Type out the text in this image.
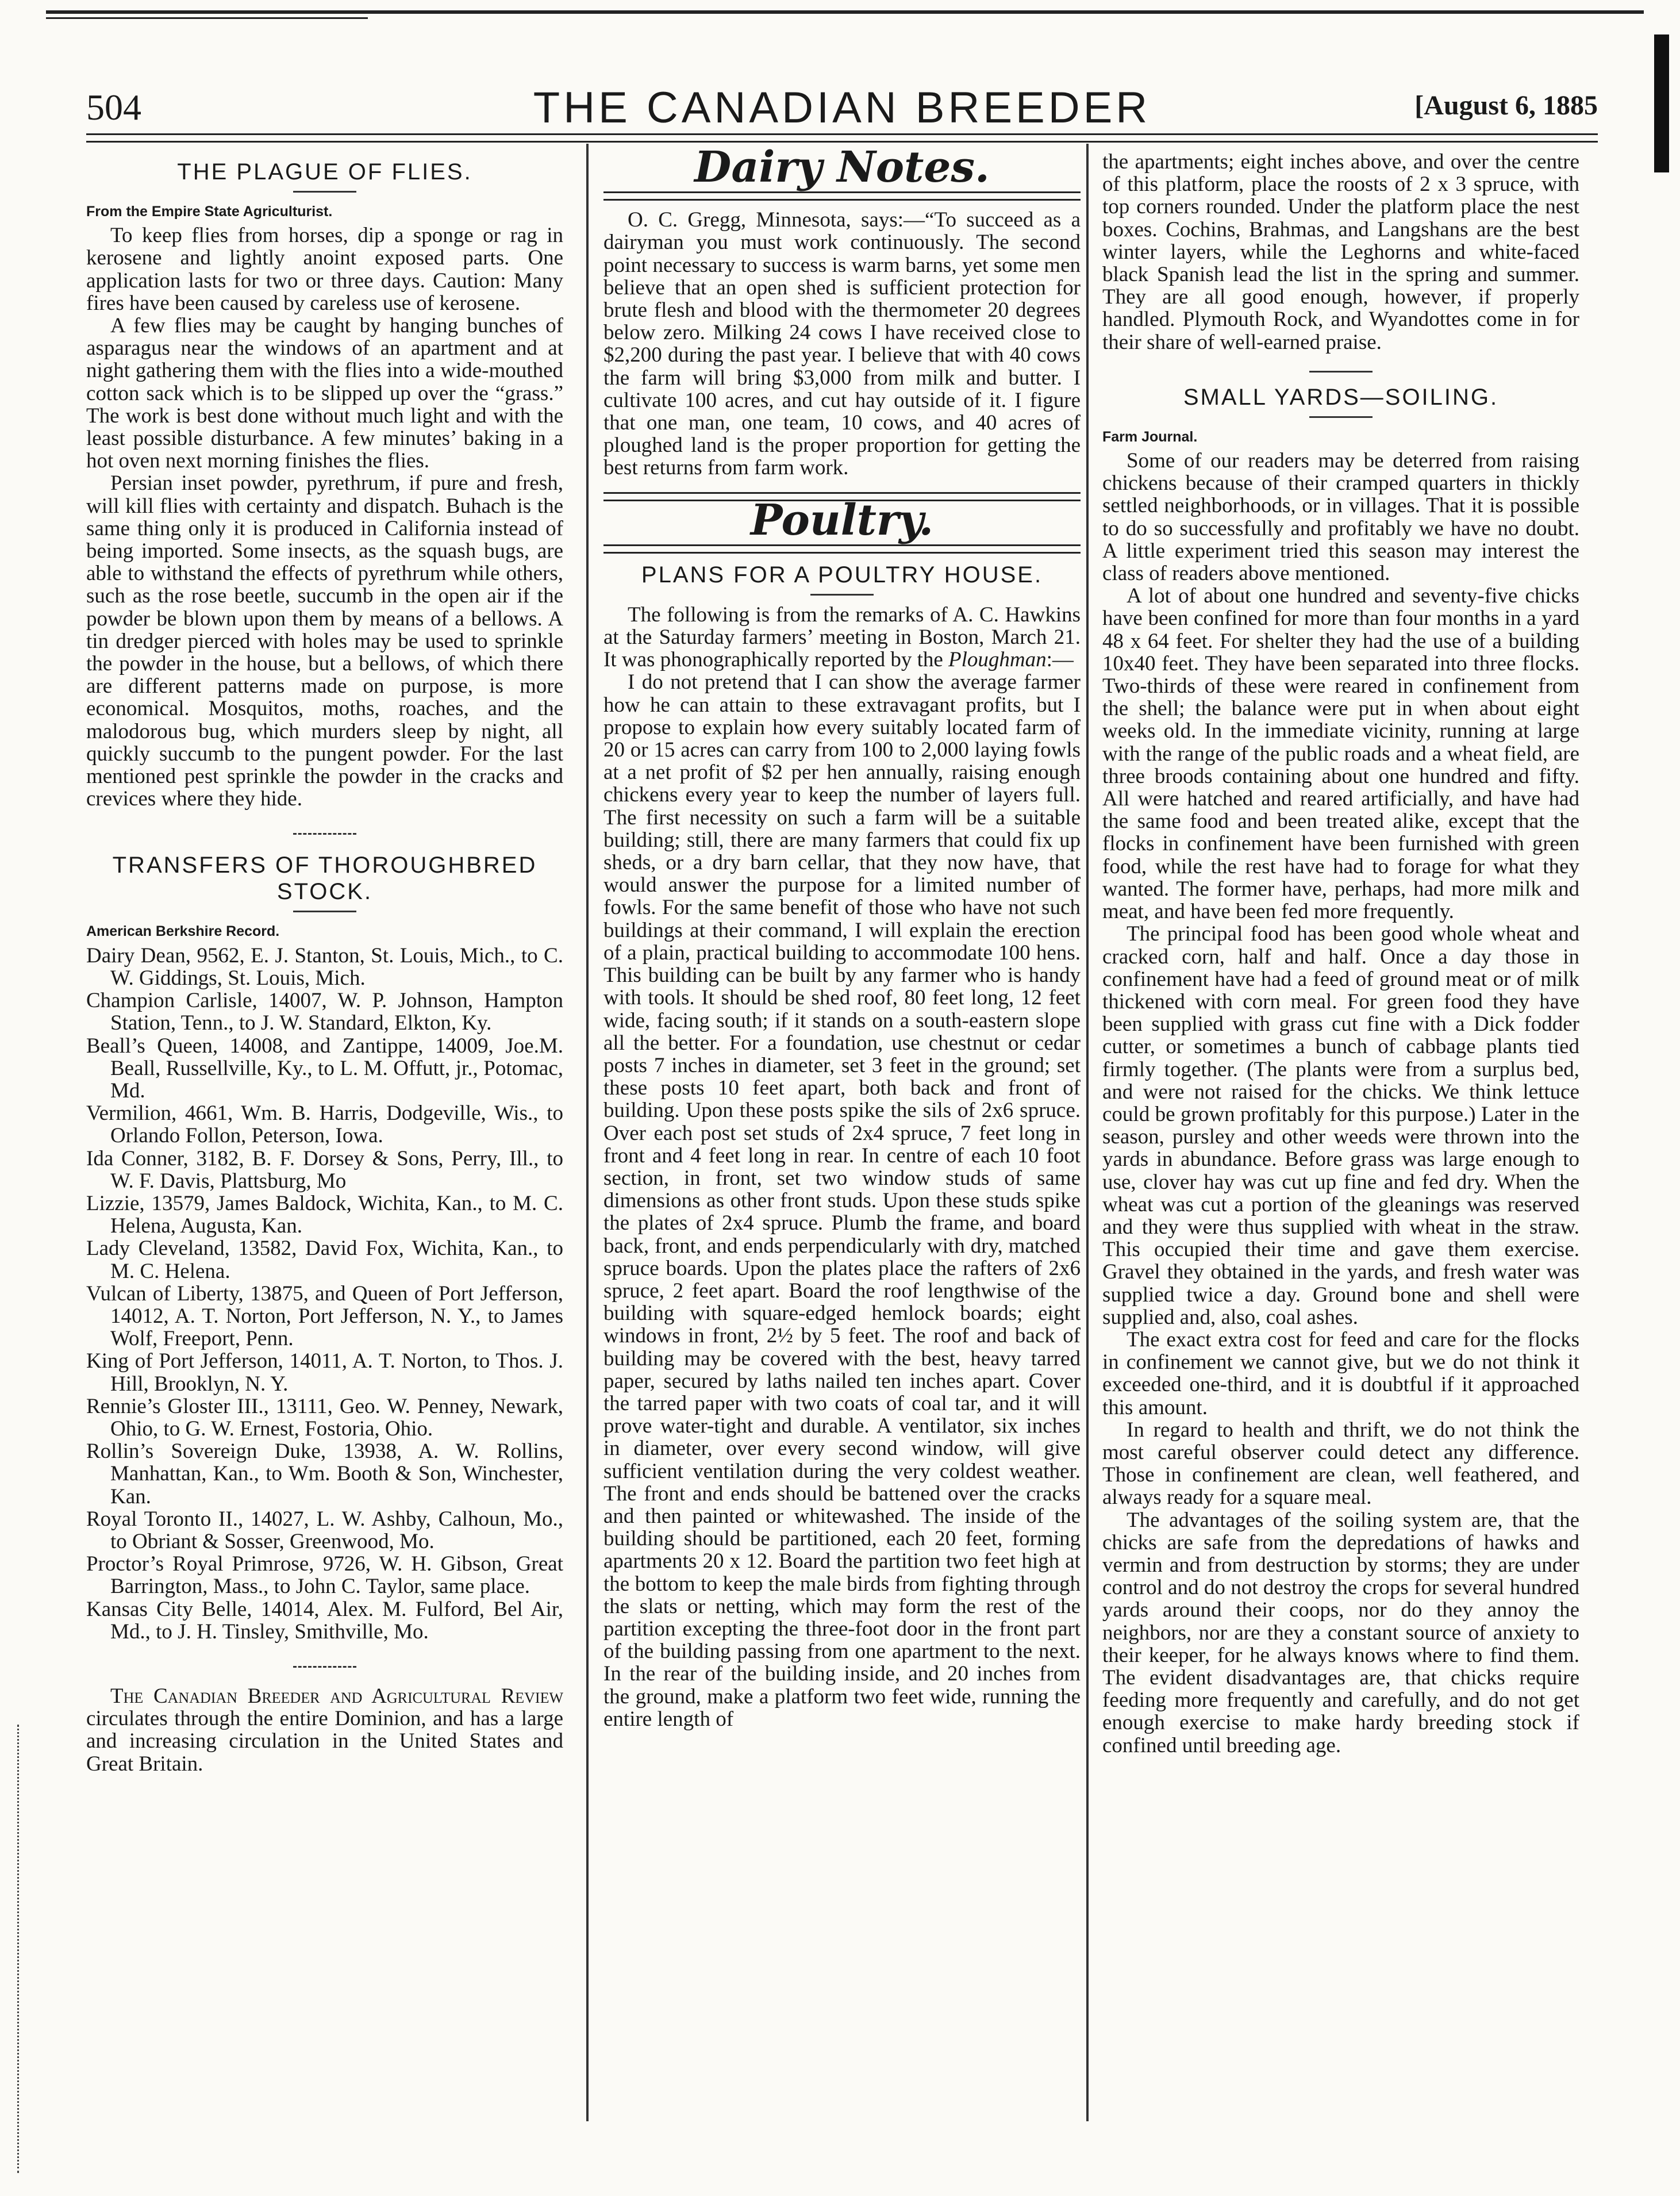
504	THE CANADIAN BREEDER	[August 6, 1885
THE PLAGUE OF FLIES.
From the Empire State Agriculturist.

To keep flies from horses, dip a sponge or rag in kerosene and lightly anoint exposed parts. One application lasts for two or three days. Caution: Many fires have been caused by careless use of kerosene.

A few flies may be caught by hanging bunches of asparagus near the windows of an apartment and at night gathering them with the flies into a wide-mouthed cotton sack which is to be slipped up over the “grass.” The work is best done without much light and with the least possible disturbance. A few minutes’ baking in a hot oven next morning finishes the flies.

Persian inset powder, pyrethrum, if pure and fresh, will kill flies with certainty and dispatch. Buhach is the same thing only it is produced in California instead of being imported. Some insects, as the squash bugs, are able to withstand the effects of pyrethrum while others, such as the rose beetle, succumb in the open air if the powder be blown upon them by means of a bellows. A tin dredger pierced with holes may be used to sprinkle the powder in the house, but a bellows, of which there are different patterns made on purpose, is more economical. Mosquitos, moths, roaches, and the malodorous bug, which murders sleep by night, all quickly succumb to the pungent powder. For the last mentioned pest sprinkle the powder in the cracks and crevices where they hide.

TRANSFERS OF THOROUGHBRED STOCK.
American Berkshire Record.

Dairy Dean, 9562, E. J. Stanton, St. Louis, Mich., to C. W. Giddings, St. Louis, Mich.

Champion Carlisle, 14007, W. P. Johnson, Hampton Station, Tenn., to J. W. Standard, Elkton, Ky.

Beall’s Queen, 14008, and Zantippe, 14009, Joe.M. Beall, Russellville, Ky., to L. M. Offutt, jr., Potomac, Md.

Vermilion, 4661, Wm. B. Harris, Dodgeville, Wis., to Orlando Follon, Peterson, Iowa.

Ida Conner, 3182, B. F. Dorsey & Sons, Perry, Ill., to W. F. Davis, Plattsburg, Mo

Lizzie, 13579, James Baldock, Wichita, Kan., to M. C. Helena, Augusta, Kan.

Lady Cleveland, 13582, David Fox, Wichita, Kan., to M. C. Helena.

Vulcan of Liberty, 13875, and Queen of Port Jefferson, 14012, A. T. Norton, Port Jefferson, N. Y., to James Wolf, Freeport, Penn.

King of Port Jefferson, 14011, A. T. Norton, to Thos. J. Hill, Brooklyn, N. Y.

Rennie’s Gloster III., 13111, Geo. W. Penney, Newark, Ohio, to G. W. Ernest, Fostoria, Ohio.

Rollin’s Sovereign Duke, 13938, A. W. Rollins, Manhattan, Kan., to Wm. Booth & Son, Winchester, Kan.

Royal Toronto II., 14027, L. W. Ashby, Calhoun, Mo., to Obriant & Sosser, Greenwood, Mo.

Proctor’s Royal Primrose, 9726, W. H. Gibson, Great Barrington, Mass., to John C. Taylor, same place.

Kansas City Belle, 14014, Alex. M. Fulford, Bel Air, Md., to J. H. Tinsley, Smithville, Mo.

The Canadian Breeder and Agricultural Review circulates through the entire Dominion, and has a large and increasing circulation in the United States and Great Britain.

Dairy Notes.

O. C. Gregg, Minnesota, says:—“To succeed as a dairyman you must work continuously. The second point necessary to success is warm barns, yet some men believe that an open shed is sufficient protection for brute flesh and blood with the thermometer 20 degrees below zero. Milking 24 cows I have received close to $2,200 during the past year. I believe that with 40 cows the farm will bring $3,000 from milk and butter. I cultivate 100 acres, and cut hay outside of it. I figure that one man, one team, 10 cows, and 40 acres of ploughed land is the proper proportion for getting the best returns from farm work.

Poultry.
PLANS FOR A POULTRY HOUSE.

The following is from the remarks of A. C. Hawkins at the Saturday farmers’ meeting in Boston, March 21. It was phonographically reported by the Ploughman:—

I do not pretend that I can show the average farmer how he can attain to these extravagant profits, but I propose to explain how every suitably located farm of 20 or 15 acres can carry from 100 to 2,000 laying fowls at a net profit of $2 per hen annually, raising enough chickens every year to keep the number of layers full. The first necessity on such a farm will be a suitable building; still, there are many farmers that could fix up sheds, or a dry barn cellar, that they now have, that would answer the purpose for a limited number of fowls. For the same benefit of those who have not such buildings at their command, I will explain the erection of a plain, practical building to accommodate 100 hens. This building can be built by any farmer who is handy with tools. It should be shed roof, 80 feet long, 12 feet wide, facing south; if it stands on a south-eastern slope all the better. For a foundation, use chestnut or cedar posts 7 inches in diameter, set 3 feet in the ground; set these posts 10 feet apart, both back and front of building. Upon these posts spike the sils of 2x6 spruce. Over each post set studs of 2x4 spruce, 7 feet long in front and 4 feet long in rear. In centre of each 10 foot section, in front, set two window studs of same dimensions as other front studs. Upon these studs spike the plates of 2x4 spruce. Plumb the frame, and board back, front, and ends perpendicularly with dry, matched spruce boards. Upon the plates place the rafters of 2x6 spruce, 2 feet apart. Board the roof lengthwise of the building with square-edged hemlock boards; eight windows in front, 2½ by 5 feet. The roof and back of building may be covered with the best, heavy tarred paper, secured by laths nailed ten inches apart. Cover the tarred paper with two coats of coal tar, and it will prove water-tight and durable. A ventilator, six inches in diameter, over every second window, will give sufficient ventilation during the very coldest weather. The front and ends should be battened over the cracks and then painted or whitewashed. The inside of the building should be partitioned, each 20 feet, forming apartments 20 x 12. Board the partition two feet high at the bottom to keep the male birds from fighting through the slats or netting, which may form the rest of the partition excepting the three-foot door in the front part of the building passing from one apartment to the next. In the rear of the building inside, and 20 inches from the ground, make a platform two feet wide, running the entire length of

the apartments; eight inches above, and over the centre of this platform, place the roosts of 2 x 3 spruce, with top corners rounded. Under the platform place the nest boxes. Cochins, Brahmas, and Langshans are the best winter layers, while the Leghorns and white-faced black Spanish lead the list in the spring and summer. They are all good enough, however, if properly handled. Plymouth Rock, and Wyandottes come in for their share of well-earned praise.

SMALL YARDS—SOILING.
Farm Journal.

Some of our readers may be deterred from raising chickens because of their cramped quarters in thickly settled neighborhoods, or in villages. That it is possible to do so successfully and profitably we have no doubt. A little experiment tried this season may interest the class of readers above mentioned.

A lot of about one hundred and seventy-five chicks have been confined for more than four months in a yard 48 x 64 feet. For shelter they had the use of a building 10x40 feet. They have been separated into three flocks. Two-thirds of these were reared in confinement from the shell; the balance were put in when about eight weeks old. In the immediate vicinity, running at large with the range of the public roads and a wheat field, are three broods containing about one hundred and fifty. All were hatched and reared artificially, and have had the same food and been treated alike, except that the flocks in confinement have been furnished with green food, while the rest have had to forage for what they wanted. The former have, perhaps, had more milk and meat, and have been fed more frequently.

The principal food has been good whole wheat and cracked corn, half and half. Once a day those in confinement have had a feed of ground meat or of milk thickened with corn meal. For green food they have been supplied with grass cut fine with a Dick fodder cutter, or sometimes a bunch of cabbage plants tied firmly together. (The plants were from a surplus bed, and were not raised for the chicks. We think lettuce could be grown profitably for this purpose.) Later in the season, pursley and other weeds were thrown into the yards in abundance. Before grass was large enough to use, clover hay was cut up fine and fed dry. When the wheat was cut a portion of the gleanings was reserved and they were thus supplied with wheat in the straw. This occupied their time and gave them exercise. Gravel they obtained in the yards, and fresh water was supplied twice a day. Ground bone and shell were supplied and, also, coal ashes.

The exact extra cost for feed and care for the flocks in confinement we cannot give, but we do not think it exceeded one-third, and it is doubtful if it approached this amount.

In regard to health and thrift, we do not think the most careful observer could detect any difference. Those in confinement are clean, well feathered, and always ready for a square meal.

The advantages of the soiling system are, that the chicks are safe from the depredations of hawks and vermin and from destruction by storms; they are under control and do not destroy the crops for several hundred yards around their coops, nor do they annoy the neighbors, nor are they a constant source of anxiety to their keeper, for he always knows where to find them. The evident disadvantages are, that chicks require feeding more frequently and carefully, and do not get enough exercise to make hardy breeding stock if confined until breeding age.
